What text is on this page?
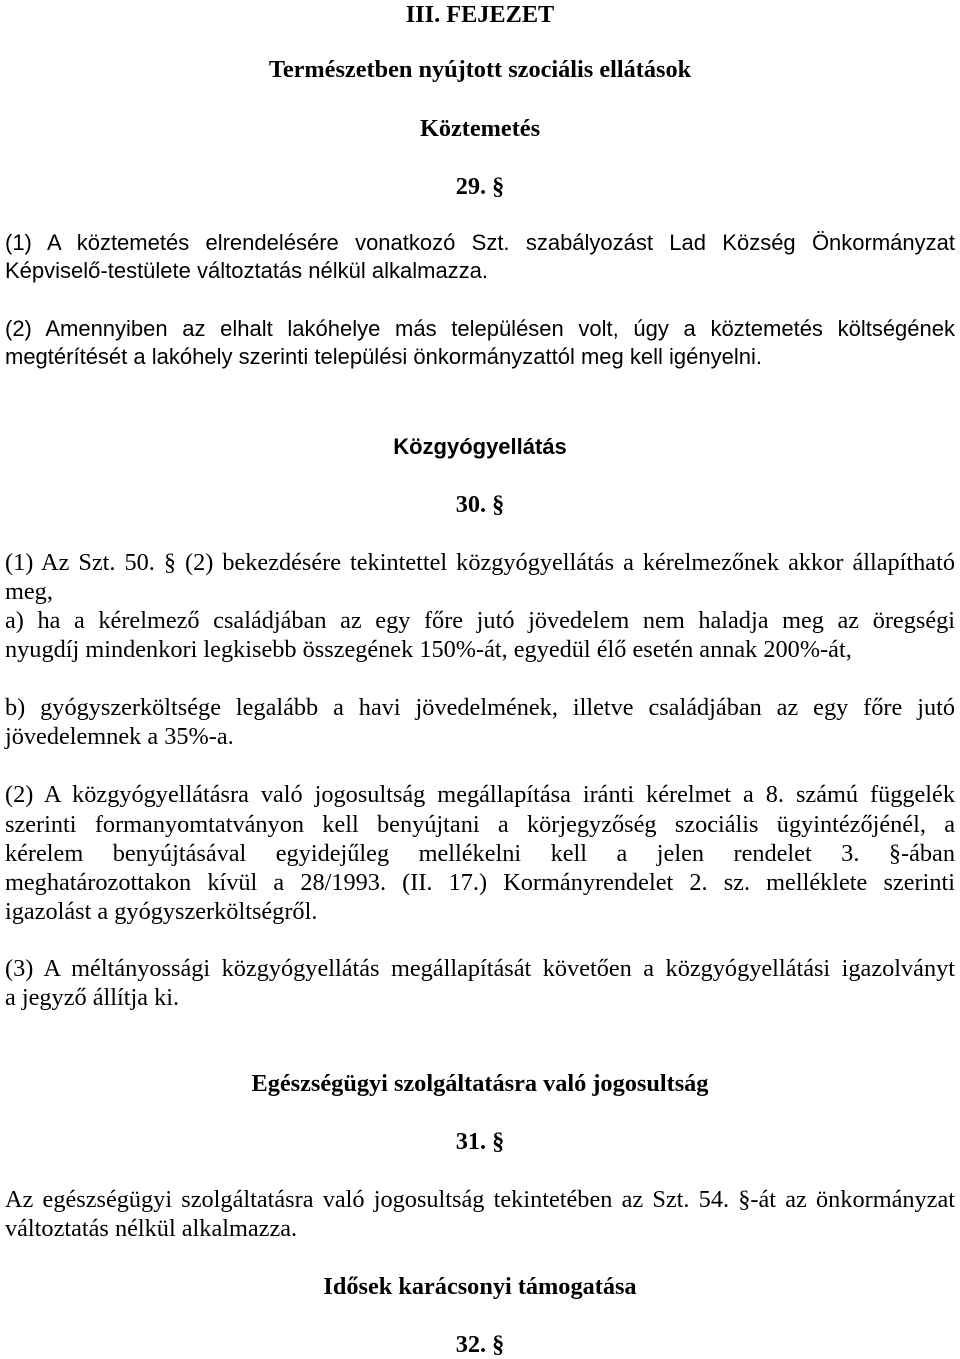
III. FEJEZET
Természetben nyújtott szociális ellátások
Köztemetés
29. §
(1) A köztemetés elrendelésére vonatkozó Szt. szabályozást Lad Község Önkormányzat
Képviselő-testülete változtatás nélkül alkalmazza.
(2) Amennyiben az elhalt lakóhelye más településen volt, úgy a köztemetés költségének
megtérítését a lakóhely szerinti települési önkormányzattól meg kell igényelni.
Közgyógyellátás
30. §
(1) Az Szt. 50. § (2) bekezdésére tekintettel közgyógyellátás a kérelmezőnek akkor állapítható
meg,
a) ha a kérelmező családjában az egy főre jutó jövedelem nem haladja meg az öregségi
nyugdíj mindenkori legkisebb összegének 150%-át, egyedül élő esetén annak 200%-át,
b) gyógyszerköltsége legalább a havi jövedelmének, illetve családjában az egy főre jutó
jövedelemnek a 35%-a.
(2) A közgyógyellátásra való jogosultság megállapítása iránti kérelmet a 8. számú függelék
szerinti formanyomtatványon kell benyújtani a körjegyzőség szociális ügyintézőjénél, a
kérelem benyújtásával egyidejűleg mellékelni kell a jelen rendelet 3. §-ában
meghatározottakon kívül a 28/1993. (II. 17.) Kormányrendelet 2. sz. melléklete szerinti
igazolást a gyógyszerköltségről.
(3) A méltányossági közgyógyellátás megállapítását követően a közgyógyellátási igazolványt
a jegyző állítja ki.
Egészségügyi szolgáltatásra való jogosultság
31. §
Az egészségügyi szolgáltatásra való jogosultság tekintetében az Szt. 54. §-át az önkormányzat
változtatás nélkül alkalmazza.
Idősek karácsonyi támogatása
32. §
